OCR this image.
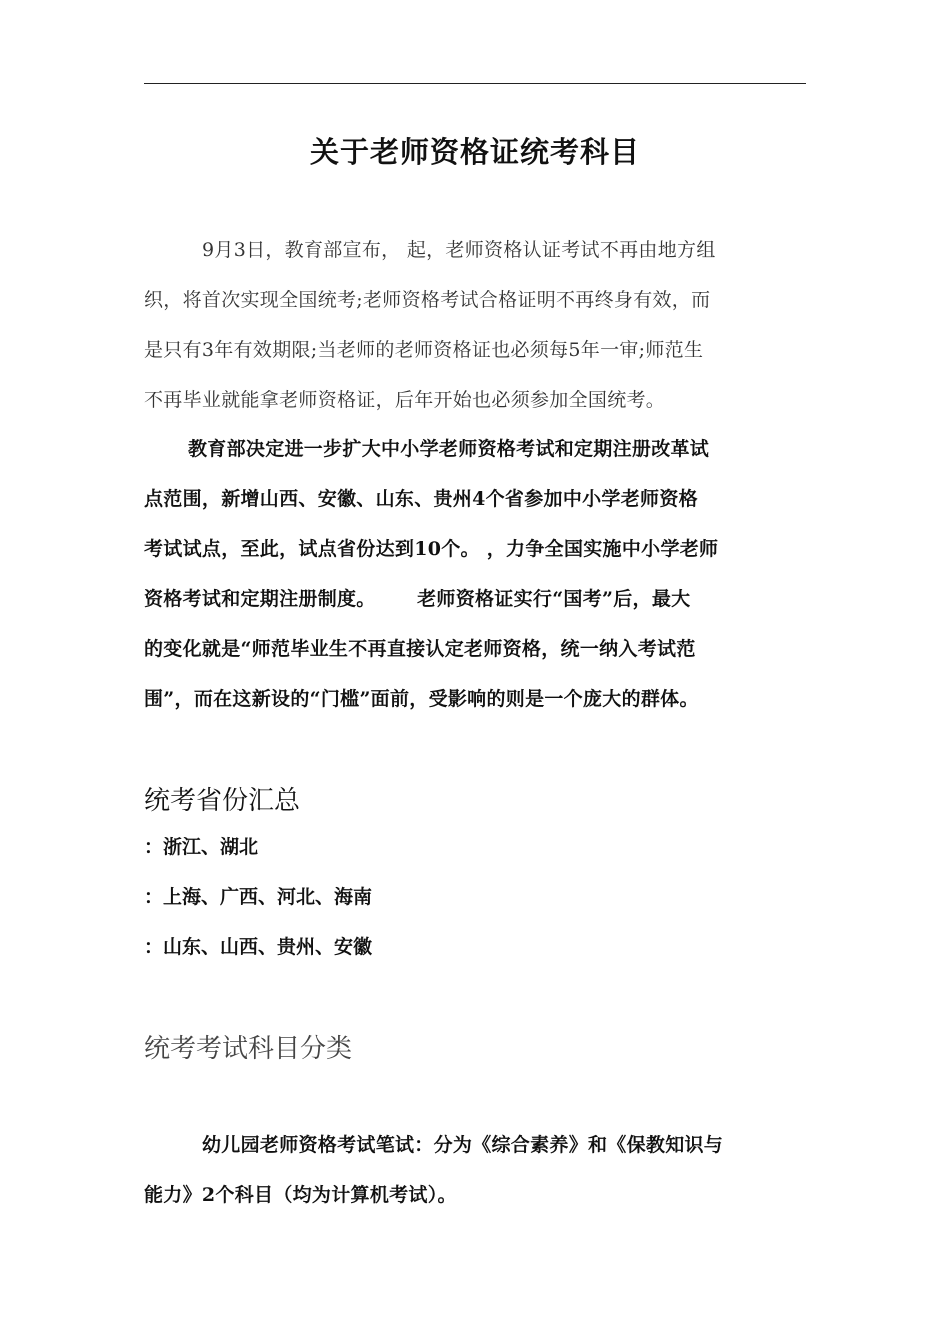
关于老师资格证统考科目
9月3日，教育部宣布， 起，老师资格认证考试不再由地方组
织，将首次实现全国统考;老师资格考试合格证明不再终身有效，而
是只有3年有效期限;当老师的老师资格证也必须每5年一审;师范生
不再毕业就能拿老师资格证，后年开始也必须参加全国统考。
教育部决定进一步扩大中小学老师资格考试和定期注册改革试
点范围，新增山西、安徽、山东、贵州4个省参加中小学老师资格
考试试点，至此，试点省份达到10个。 ，力争全国实施中小学老师
资格考试和定期注册制度。      老师资格证实行“国考”后，最大
的变化就是“师范毕业生不再直接认定老师资格，统一纳入考试范
围”，而在这新设的“门槛”面前，受影响的则是一个庞大的群体。
统考省份汇总
：浙江、湖北
：上海、广西、河北、海南
：山东、山西、贵州、安徽
统考考试科目分类
幼儿园老师资格考试笔试：分为《综合素养》和《保教知识与
能力》2个科目（均为计算机考试）。
